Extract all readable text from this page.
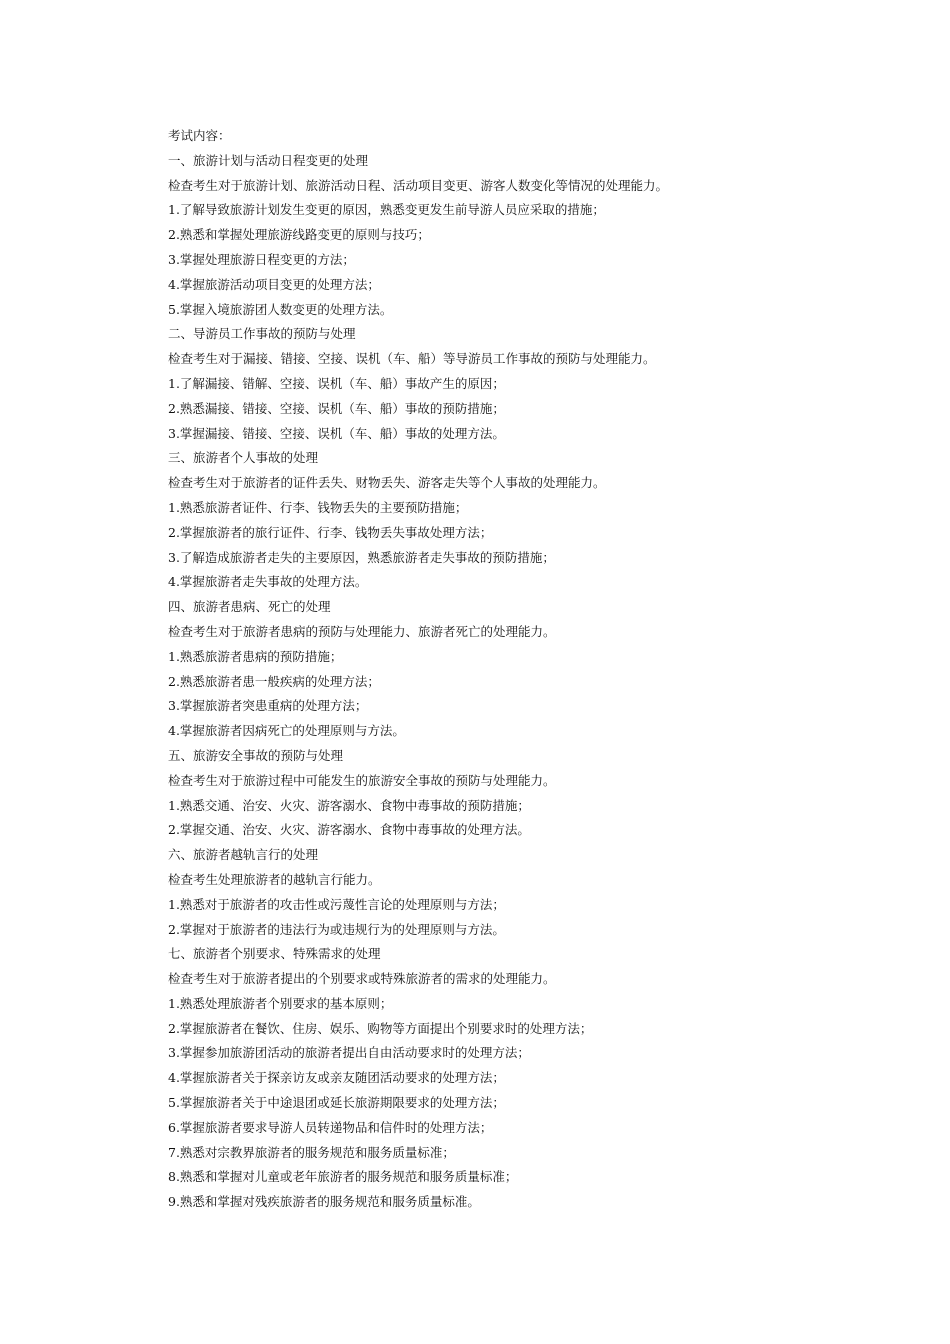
考试内容：
一、旅游计划与活动日程变更的处理
检查考生对于旅游计划、旅游活动日程、活动项目变更、游客人数变化等情况的处理能力。
1.了解导致旅游计划发生变更的原因，熟悉变更发生前导游人员应采取的措施；
2.熟悉和掌握处理旅游线路变更的原则与技巧；
3.掌握处理旅游日程变更的方法；
4.掌握旅游活动项目变更的处理方法；
5.掌握入境旅游团人数变更的处理方法。
二、导游员工作事故的预防与处理
检查考生对于漏接、错接、空接、误机（车、船）等导游员工作事故的预防与处理能力。
1.了解漏接、错解、空接、误机（车、船）事故产生的原因；
2.熟悉漏接、错接、空接、误机（车、船）事故的预防措施；
3.掌握漏接、错接、空接、误机（车、船）事故的处理方法。
三、旅游者个人事故的处理
检查考生对于旅游者的证件丢失、财物丢失、游客走失等个人事故的处理能力。
1.熟悉旅游者证件、行李、钱物丢失的主要预防措施；
2.掌握旅游者的旅行证件、行李、钱物丢失事故处理方法；
3.了解造成旅游者走失的主要原因，熟悉旅游者走失事故的预防措施；
4.掌握旅游者走失事故的处理方法。
四、旅游者患病、死亡的处理
检查考生对于旅游者患病的预防与处理能力、旅游者死亡的处理能力。
1.熟悉旅游者患病的预防措施；
2.熟悉旅游者患一般疾病的处理方法；
3.掌握旅游者突患重病的处理方法；
4.掌握旅游者因病死亡的处理原则与方法。
五、旅游安全事故的预防与处理
检查考生对于旅游过程中可能发生的旅游安全事故的预防与处理能力。
1.熟悉交通、治安、火灾、游客溺水、食物中毒事故的预防措施；
2.掌握交通、治安、火灾、游客溺水、食物中毒事故的处理方法。
六、旅游者越轨言行的处理
检查考生处理旅游者的越轨言行能力。
1.熟悉对于旅游者的攻击性或污蔑性言论的处理原则与方法；
2.掌握对于旅游者的违法行为或违规行为的处理原则与方法。
七、旅游者个别要求、特殊需求的处理
检查考生对于旅游者提出的个别要求或特殊旅游者的需求的处理能力。
1.熟悉处理旅游者个别要求的基本原则；
2.掌握旅游者在餐饮、住房、娱乐、购物等方面提出个别要求时的处理方法；
3.掌握参加旅游团活动的旅游者提出自由活动要求时的处理方法；
4.掌握旅游者关于探亲访友或亲友随团活动要求的处理方法；
5.掌握旅游者关于中途退团或延长旅游期限要求的处理方法；
6.掌握旅游者要求导游人员转递物品和信件时的处理方法；
7.熟悉对宗教界旅游者的服务规范和服务质量标准；
8.熟悉和掌握对儿童或老年旅游者的服务规范和服务质量标准；
9.熟悉和掌握对残疾旅游者的服务规范和服务质量标准。
